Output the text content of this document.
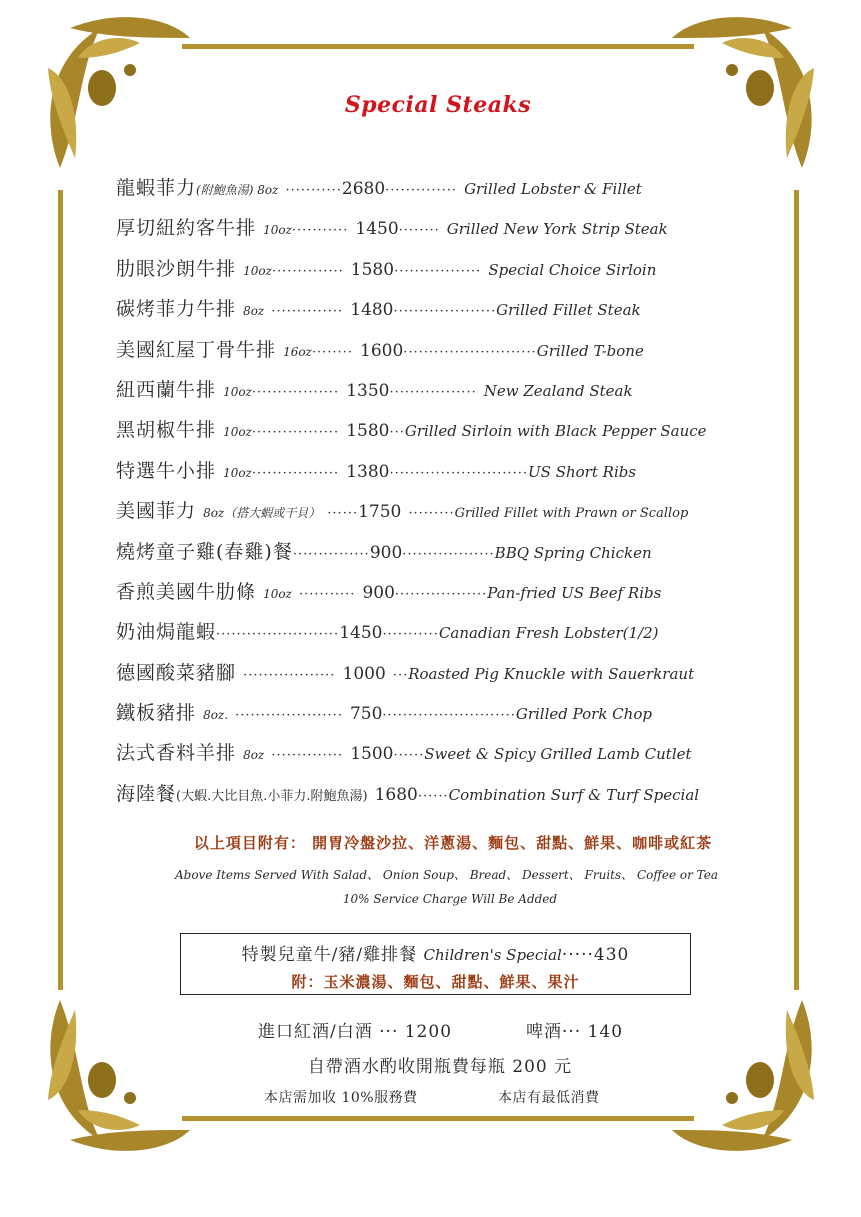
Special Steaks
龍蝦菲力(附鮑魚湯) 8oz ···········2680·············· Grilled Lobster & Fillet
厚切紐約客牛排 10oz··········· 1450········ Grilled New York Strip Steak
肋眼沙朗牛排 10oz·············· 1580················· Special Choice Sirloin
碳烤菲力牛排 8oz ·············· 1480····················Grilled Fillet Steak
美國紅屋丁骨牛排 16oz········ 1600··························Grilled T-bone
紐西蘭牛排 10oz················· 1350················· New Zealand Steak
黑胡椒牛排 10oz················· 1580···Grilled Sirloin with Black Pepper Sauce
特選牛小排 10oz················· 1380···························US Short Ribs
美國菲力 8oz（搭大蝦或干貝） ······1750 ·········Grilled Fillet with Prawn or Scallop
燒烤童子雞(春雞)餐···············900··················BBQ Spring Chicken
香煎美國牛肋條 10oz ··········· 900··················Pan-fried US Beef Ribs
奶油焗龍蝦························1450···········Canadian Fresh Lobster(1/2)
德國酸菜豬腳 ·················· 1000 ···Roasted Pig Knuckle with Sauerkraut
鐵板豬排 8oz. ····················· 750··························Grilled Pork Chop
法式香料羊排 8oz ·············· 1500······Sweet & Spicy Grilled Lamb Cutlet
海陸餐(大蝦.大比目魚.小菲力.附鮑魚湯) 1680······Combination Surf & Turf Special
以上項目附有： 開胃冷盤沙拉、洋蔥湯、麵包、甜點、鮮果、咖啡或紅茶
Above Items Served With Salad、 Onion Soup、 Bread、 Dessert、 Fruits、 Coffee or Tea
10% Service Charge Will Be Added
特製兒童牛/豬/雞排餐 Children's Special·····430
附：玉米濃湯、麵包、甜點、鮮果、果汁
進口紅酒/白酒 ··· 1200	啤酒··· 140
自帶酒水酌收開瓶費每瓶 200 元
本店需加收 10%服務費	本店有最低消費
